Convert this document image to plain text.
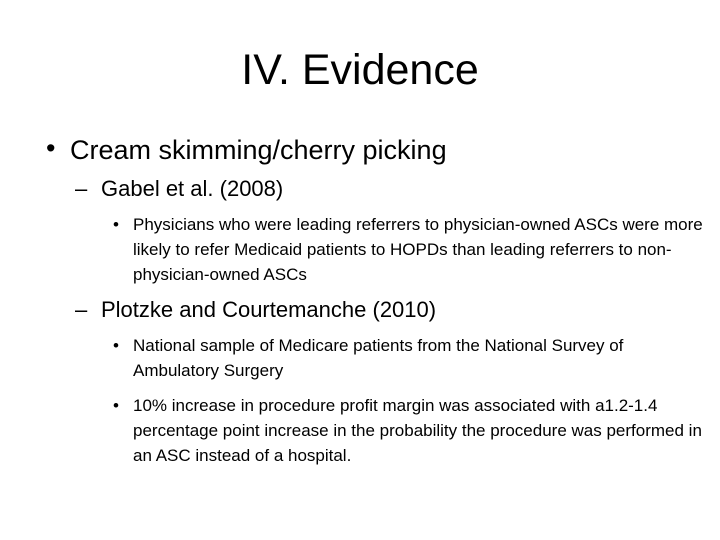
IV. Evidence
• Cream skimming/cherry picking
– Gabel et al. (2008)
• Physicians who were leading referrers to physician-owned ASCs were more likely to refer Medicaid patients to HOPDs than leading referrers to non-physician-owned ASCs
– Plotzke and Courtemanche (2010)
• National sample of Medicare patients from the National Survey of Ambulatory Surgery
• 10% increase in procedure profit margin was associated with a1.2-1.4 percentage point increase in the probability the procedure was performed in an ASC instead of a hospital.
